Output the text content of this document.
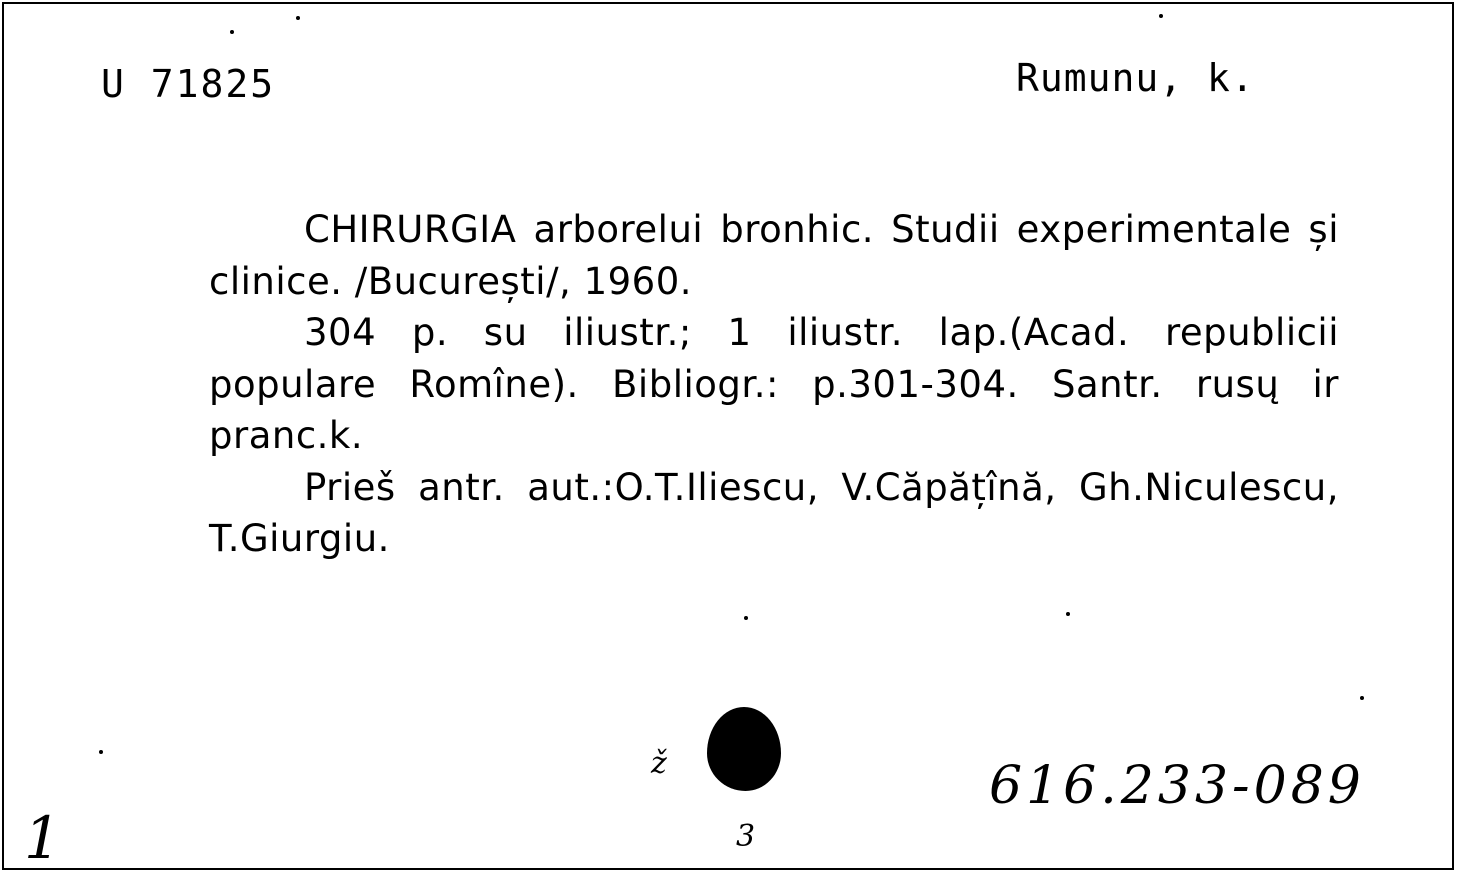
U 71825	Rumunu, k.

CHIRURGIA arborelui bronhic. Studii experimentale și clinice. /București/, 1960.

304 p. su iliustr.; 1 iliustr. lap.(Acad. republicii populare Romîne). Bibliogr.: p.301-304. Santr. rusų ir pranc.k.

Prieš antr. aut.:O.T.Iliescu, V.Căpățînă, Gh.Niculescu, T.Giurgiu.

ž
3
616.233-089
1
